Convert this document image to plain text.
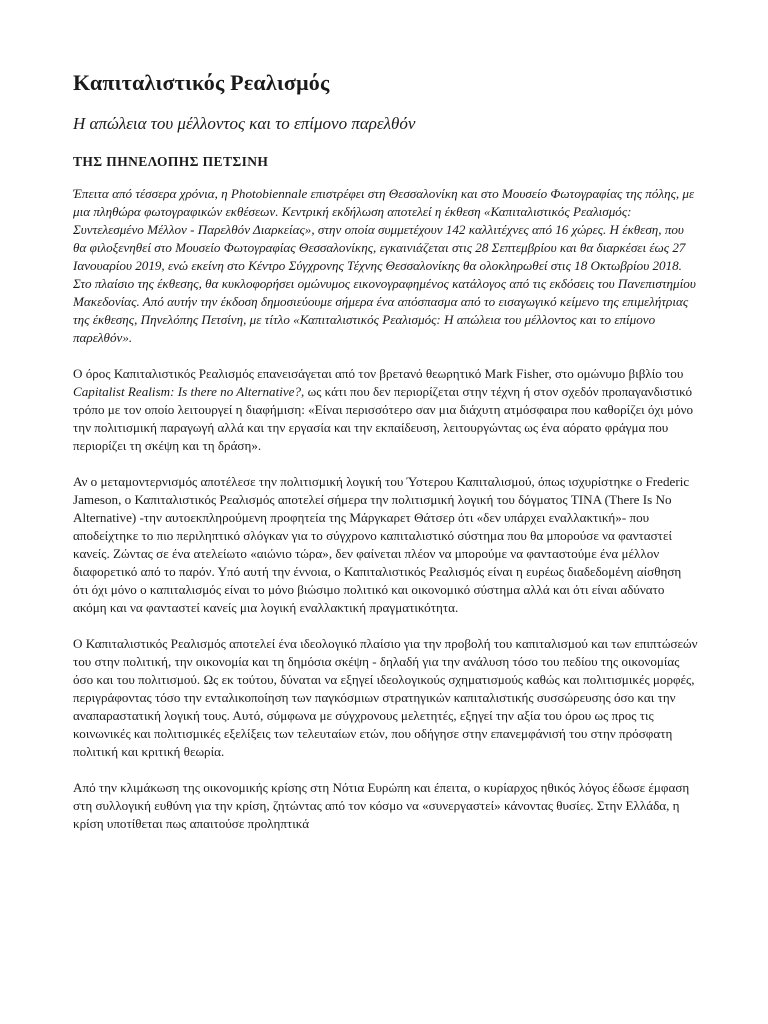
Καπιταλιστικός Ρεαλισμός
Η απώλεια του μέλλοντος και το επίμονο παρελθόν
ΤΗΣ ΠΗΝΕΛΟΠΗΣ ΠΕΤΣΙΝΗ

Έπειτα από τέσσερα χρόνια, η Photobiennale επιστρέφει στη Θεσσαλονίκη και στο Μουσείο Φωτογραφίας της πόλης, με μια πληθώρα φωτογραφικών εκθέσεων. Κεντρική εκδήλωση αποτελεί η έκθεση «Καπιταλιστικός Ρεαλισμός: Συντελεσμένο Μέλλον - Παρελθόν Διαρκείας», στην οποία συμμετέχουν 142 καλλιτέχνες από 16 χώρες. Η έκθεση, που θα φιλοξενηθεί στο Μουσείο Φωτογραφίας Θεσσαλονίκης, εγκαινιάζεται στις 28 Σεπτεμβρίου και θα διαρκέσει έως 27 Ιανουαρίου 2019, ενώ εκείνη στο Κέντρο Σύγχρονης Τέχνης Θεσσαλονίκης θα ολοκληρωθεί στις 18 Οκτωβρίου 2018. Στο πλαίσιο της έκθεσης, θα κυκλοφορήσει ομώνυμος εικονογραφημένος κατάλογος από τις εκδόσεις του Πανεπιστημίου Μακεδονίας. Από αυτήν την έκδοση δημοσιεύουμε σήμερα ένα απόσπασμα από το εισαγωγικό κείμενο της επιμελήτριας της έκθεσης, Πηνελόπης Πετσίνη, με τίτλο «Καπιταλιστικός Ρεαλισμός: Η απώλεια του μέλλοντος και το επίμονο παρελθόν».

Ο όρος Καπιταλιστικός Ρεαλισμός επανεισάγεται από τον βρετανό θεωρητικό Mark Fisher, στο ομώνυμο βιβλίο του Capitalist Realism: Is there no Alternative?, ως κάτι που δεν περιορίζεται στην τέχνη ή στον σχεδόν προπαγανδιστικό τρόπο με τον οποίο λειτουργεί η διαφήμιση: «Είναι περισσότερο σαν μια διάχυτη ατμόσφαιρα που καθορίζει όχι μόνο την πολιτισμική παραγωγή αλλά και την εργασία και την εκπαίδευση, λειτουργώντας ως ένα αόρατο φράγμα που περιορίζει τη σκέψη και τη δράση».

Αν ο μεταμοντερνισμός αποτέλεσε την πολιτισμική λογική του Ύστερου Καπιταλισμού, όπως ισχυρίστηκε ο Frederic Jameson, ο Καπιταλιστικός Ρεαλισμός αποτελεί σήμερα την πολιτισμική λογική του δόγματος TINA (There Is No Alternative) -την αυτοεκπληρούμενη προφητεία της Μάργκαρετ Θάτσερ ότι «δεν υπάρχει εναλλακτική»- που αποδείχτηκε το πιο περιληπτικό σλόγκαν για το σύγχρονο καπιταλιστικό σύστημα που θα μπορούσε να φανταστεί κανείς. Ζώντας σε ένα ατελείωτο «αιώνιο τώρα», δεν φαίνεται πλέον να μπορούμε να φανταστούμε ένα μέλλον διαφορετικό από το παρόν. Υπό αυτή την έννοια, ο Καπιταλιστικός Ρεαλισμός είναι η ευρέως διαδεδομένη αίσθηση ότι όχι μόνο ο καπιταλισμός είναι το μόνο βιώσιμο πολιτικό και οικονομικό σύστημα αλλά και ότι είναι αδύνατο ακόμη και να φανταστεί κανείς μια λογική εναλλακτική πραγματικότητα.

Ο Καπιταλιστικός Ρεαλισμός αποτελεί ένα ιδεολογικό πλαίσιο για την προβολή του καπιταλισμού και των επιπτώσεών του στην πολιτική, την οικονομία και τη δημόσια σκέψη - δηλαδή για την ανάλυση τόσο του πεδίου της οικονομίας όσο και του πολιτισμού. Ως εκ τούτου, δύναται να εξηγεί ιδεολογικούς σχηματισμούς καθώς και πολιτισμικές μορφές, περιγράφοντας τόσο την ενταλικοποίηση των παγκόσμιων στρατηγικών καπιταλιστικής συσσώρευσης όσο και την αναπαραστατική λογική τους. Αυτό, σύμφωνα με σύγχρονους μελετητές, εξηγεί την αξία του όρου ως προς τις κοινωνικές και πολιτισμικές εξελίξεις των τελευταίων ετών, που οδήγησε στην επανεμφάνισή του στην πρόσφατη πολιτική και κριτική θεωρία.

Από την κλιμάκωση της οικονομικής κρίσης στη Νότια Ευρώπη και έπειτα, ο κυρίαρχος ηθικός λόγος έδωσε έμφαση στη συλλογική ευθύνη για την κρίση, ζητώντας από τον κόσμο να «συνεργαστεί» κάνοντας θυσίες. Στην Ελλάδα, η κρίση υποτίθεται πως απαιτούσε προληπτικά
